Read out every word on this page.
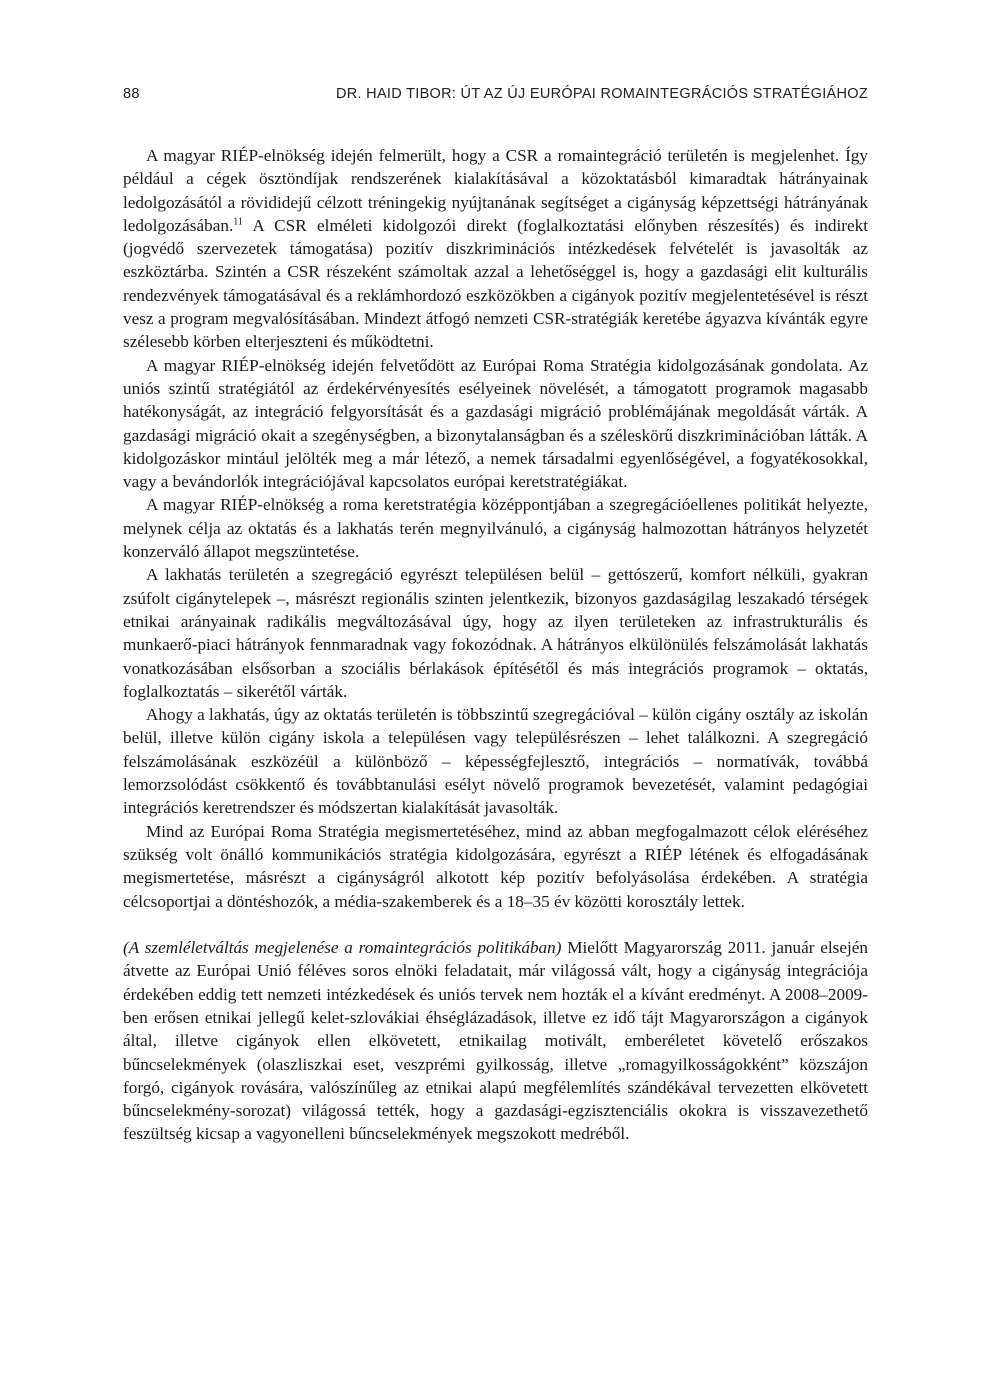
88	DR. HAID TIBOR: ÚT AZ ÚJ EURÓPAI ROMAINTEGRÁCIÓS STRATÉGIÁHOZ

A magyar RIÉP-elnökség idején felmerült, hogy a CSR a romaintegráció területén is megjelenhet. Így például a cégek ösztöndíjak rendszerének kialakításával a közoktatásból kimaradtak hátrányainak ledolgozásától a rövididejű célzott tréningekig nyújtanának segítséget a cigányság képzettségi hátrányának ledolgozásában.$^{11}$ A CSR elméleti kidolgozói direkt (foglalkoztatási előnyben részesítés) és indirekt (jogvédő szervezetek támogatása) pozitív diszkriminációs intézkedések felvételét is javasolták az eszköztárba. Szintén a CSR részeként számoltak azzal a lehetőséggel is, hogy a gazdasági elit kulturális rendezvények támogatásával és a reklámhordozó eszközökben a cigányok pozitív megjelentetésével is részt vesz a program megvalósításában. Mindezt átfogó nemzeti CSR-stratégiák keretébe ágyazva kívánták egyre szélesebb körben elterjeszteni és működtetni.

A magyar RIÉP-elnökség idején felvetődött az Európai Roma Stratégia kidolgozásának gondolata. Az uniós szintű stratégiától az érdekérvényesítés esélyeinek növelését, a támogatott programok magasabb hatékonyságát, az integráció felgyorsítását és a gazdasági migráció problémájának megoldását várták. A gazdasági migráció okait a szegénységben, a bizonytalanságban és a széleskörű diszkriminációban látták. A kidolgozáskor mintául jelölték meg a már létező, a nemek társadalmi egyenlőségével, a fogyatékosokkal, vagy a bevándorlók integrációjával kapcsolatos európai keretstratégiákat.

A magyar RIÉP-elnökség a roma keretstratégia középpontjában a szegregációellenes politikát helyezte, melynek célja az oktatás és a lakhatás terén megnyilvánuló, a cigányság halmozottan hátrányos helyzetét konzerváló állapot megszüntetése.

A lakhatás területén a szegregáció egyrészt településen belül – gettószerű, komfort nélküli, gyakran zsúfolt cigánytelepek –, másrészt regionális szinten jelentkezik, bizonyos gazdaságilag leszakadó térségek etnikai arányainak radikális megváltozásával úgy, hogy az ilyen területeken az infrastrukturális és munkaerő-piaci hátrányok fennmaradnak vagy fokozódnak. A hátrányos elkülönülés felszámolását lakhatás vonatkozásában elsősorban a szociális bérlakások építésétől és más integrációs programok – oktatás, foglalkoztatás – sikerétől várták.

Ahogy a lakhatás, úgy az oktatás területén is többszintű szegregációval – külön cigány osztály az iskolán belül, illetve külön cigány iskola a településen vagy településrészen – lehet találkozni. A szegregáció felszámolásának eszközéül a különböző – képességfejlesztő, integrációs – normatívák, továbbá lemorzsolódást csökkentő és továbbtanulási esélyt növelő programok bevezetését, valamint pedagógiai integrációs keretrendszer és módszertan kialakítását javasolták.

Mind az Európai Roma Stratégia megismertetéséhez, mind az abban megfogalmazott célok eléréséhez szükség volt önálló kommunikációs stratégia kidolgozására, egyrészt a RIÉP létének és elfogadásának megismertetése, másrészt a cigányságról alkotott kép pozitív befolyásolása érdekében. A stratégia célcsoportjai a döntéshozók, a média-szakemberek és a 18–35 év közötti korosztály lettek.

(A szemléletváltás megjelenése a romaintegrációs politikában) Mielőtt Magyarország 2011. január elsején átvette az Európai Unió féléves soros elnöki feladatait, már világossá vált, hogy a cigányság integrációja érdekében eddig tett nemzeti intézkedések és uniós tervek nem hozták el a kívánt eredményt. A 2008–2009-ben erősen etnikai jellegű kelet-szlovákiai éhséglázadások, illetve ez idő tájt Magyarországon a cigányok által, illetve cigányok ellen elkövetett, etnikailag motivált, emberéletet követelő erőszakos bűncselekmények (olaszliszkai eset, veszprémi gyilkosság, illetve „romagyilkosságokként” közszájon forgó, cigányok rovására, valószínűleg az etnikai alapú megfélemlítés szándékával tervezetten elkövetett bűncselekmény-sorozat) világossá tették, hogy a gazdasági-egzisztenciális okokra is visszavezethető feszültség kicsap a vagyonelleni bűncselekmények megszokott medréből.
